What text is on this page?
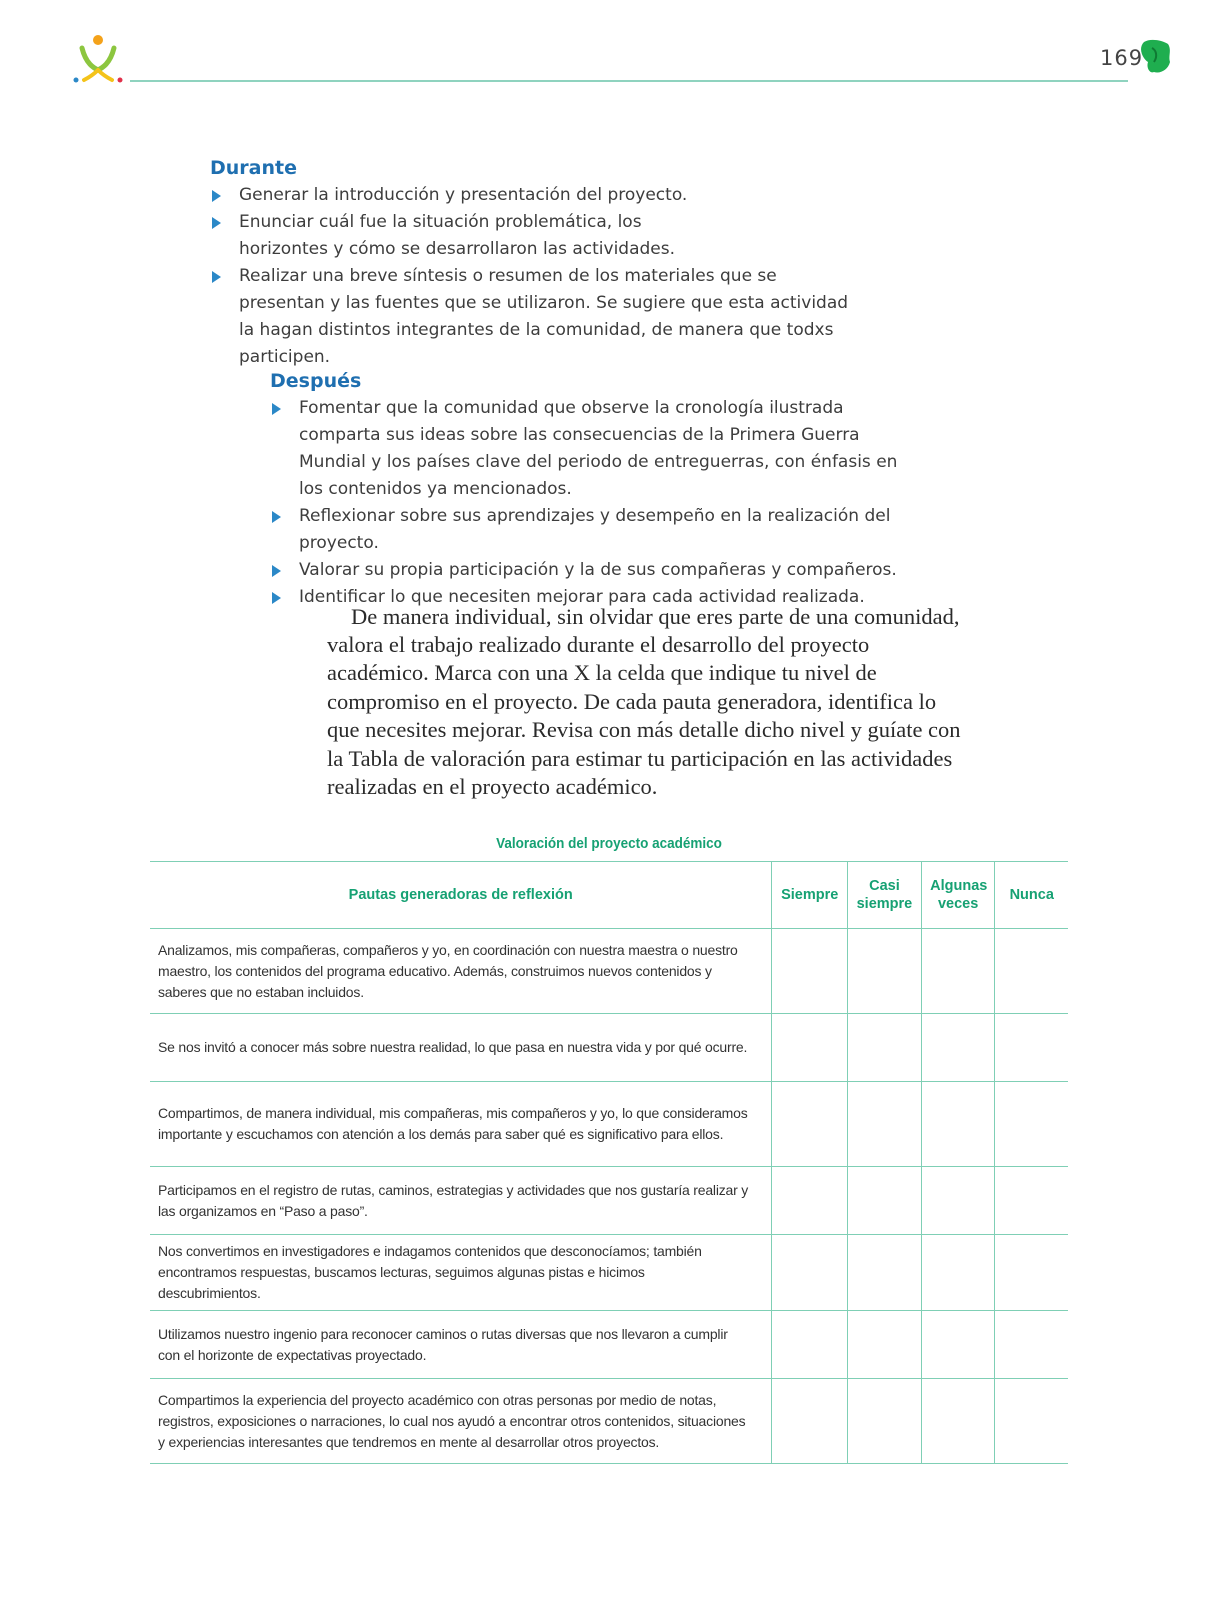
169
Durante
Generar la introducción y presentación del proyecto.
Enunciar cuál fue la situación problemática, los horizontes y cómo se desarrollaron las actividades.
Realizar una breve síntesis o resumen de los materiales que se presentan y las fuentes que se utilizaron. Se sugiere que esta actividad la hagan distintos integrantes de la comunidad, de manera que todxs participen.
Después
Fomentar que la comunidad que observe la cronología ilustrada comparta sus ideas sobre las consecuencias de la Primera Guerra Mundial y los países clave del periodo de entreguerras, con énfasis en los contenidos ya mencionados.
Reflexionar sobre sus aprendizajes y desempeño en la realización del proyecto.
Valorar su propia participación y la de sus compañeras y compañeros.
Identificar lo que necesiten mejorar para cada actividad realizada.

De manera individual, sin olvidar que eres parte de una comunidad, valora el trabajo realizado durante el desarrollo del proyecto académico. Marca con una X la celda que indique tu nivel de compromiso en el proyecto. De cada pauta generadora, identifica lo que necesites mejorar. Revisa con más detalle dicho nivel y guíate con la Tabla de valoración para estimar tu participación en las actividades realizadas en el proyecto académico.

Valoración del proyecto académico
Pautas generadoras de reflexión	Siempre	Casi siempre	Algunas veces	Nunca
Analizamos, mis compañeras, compañeros y yo, en coordinación con nuestra maestra o nuestro maestro, los contenidos del programa educativo. Además, construimos nuevos contenidos y saberes que no estaban incluidos.				
Se nos invitó a conocer más sobre nuestra realidad, lo que pasa en nuestra vida y por qué ocurre.				
Compartimos, de manera individual, mis compañeras, mis compañeros y yo, lo que consideramos importante y escuchamos con atención a los demás para saber qué es significativo para ellos.				
Participamos en el registro de rutas, caminos, estrategias y actividades que nos gustaría realizar y las organizamos en “Paso a paso”.				
Nos convertimos en investigadores e indagamos contenidos que desconocíamos; también encontramos respuestas, buscamos lecturas, seguimos algunas pistas e hicimos descubrimientos.				
Utilizamos nuestro ingenio para reconocer caminos o rutas diversas que nos llevaron a cumplir con el horizonte de expectativas proyectado.				
Compartimos la experiencia del proyecto académico con otras personas por medio de notas, registros, exposiciones o narraciones, lo cual nos ayudó a encontrar otros contenidos, situaciones y experiencias interesantes que tendremos en mente al desarrollar otros proyectos.				
